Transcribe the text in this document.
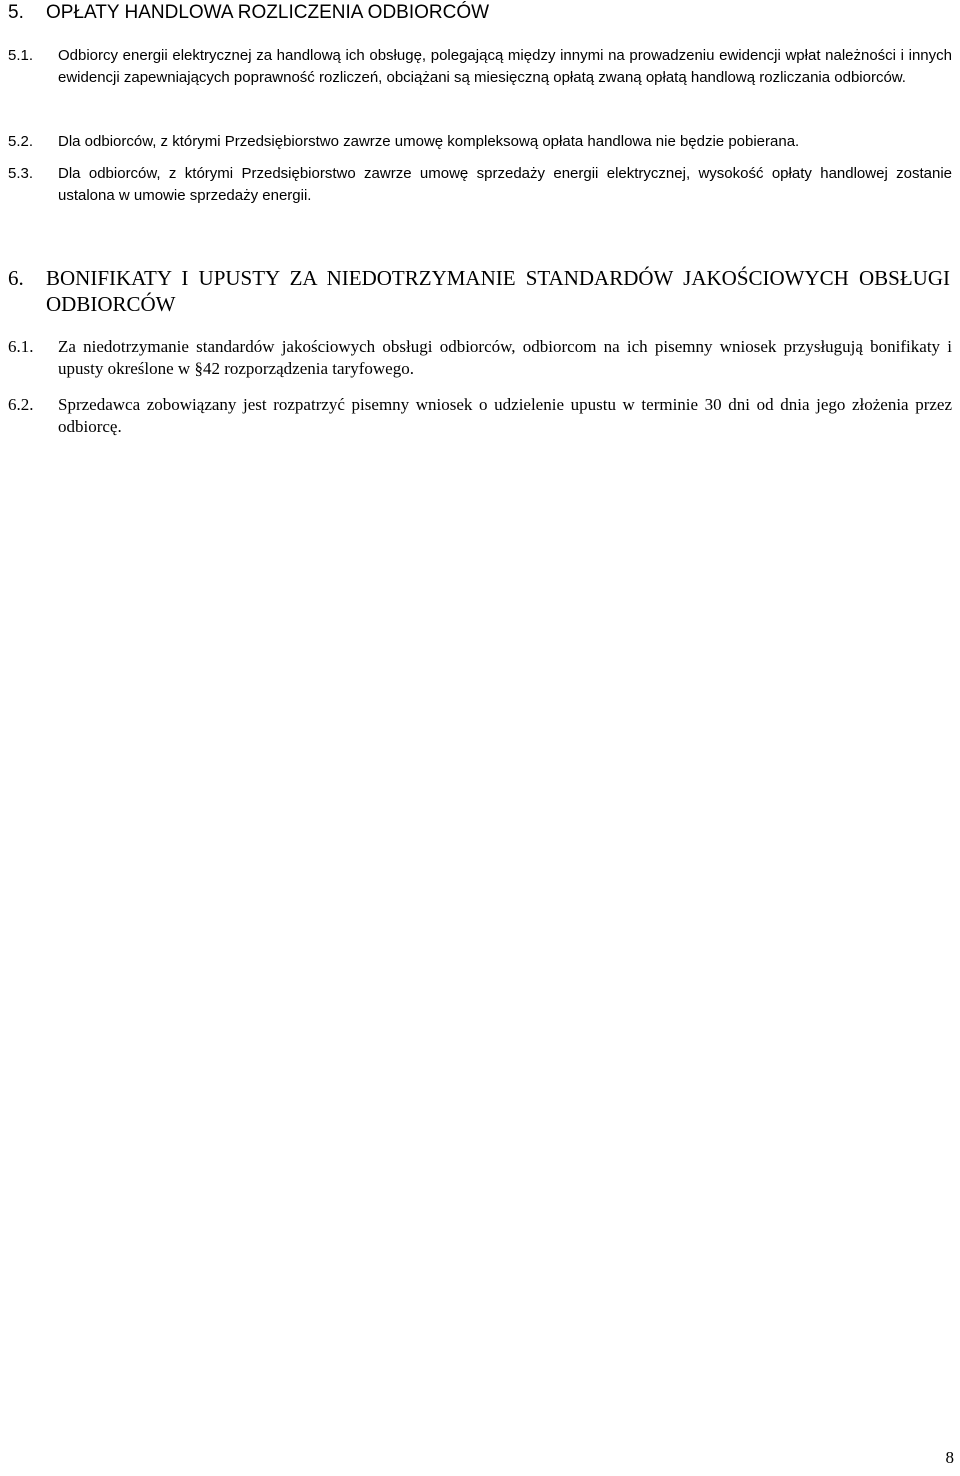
5. OPŁATY HANDLOWA ROZLICZENIA ODBIORCÓW
5.1. Odbiorcy energii elektrycznej za handlową ich obsługę, polegającą między innymi na prowadzeniu ewidencji wpłat należności i innych ewidencji zapewniających poprawność rozliczeń, obciążani są miesięczną opłatą zwaną opłatą handlową rozliczania odbiorców.
5.2. Dla odbiorców, z którymi Przedsiębiorstwo zawrze umowę kompleksową opłata handlowa nie będzie pobierana.
5.3. Dla odbiorców, z którymi Przedsiębiorstwo zawrze umowę sprzedaży energii elektrycznej, wysokość opłaty handlowej zostanie ustalona w umowie sprzedaży energii.
6. BONIFIKATY I UPUSTY ZA NIEDOTRZYMANIE STANDARDÓW JAKOŚCIOWYCH OBSŁUGI ODBIORCÓW
6.1. Za niedotrzymanie standardów jakościowych obsługi odbiorców, odbiorcom na ich pisemny wniosek przysługują bonifikaty i upusty określone w §42 rozporządzenia taryfowego.
6.2. Sprzedawca zobowiązany jest rozpatrzyć pisemny wniosek o udzielenie upustu w terminie 30 dni od dnia jego złożenia przez odbiorcę.
8
